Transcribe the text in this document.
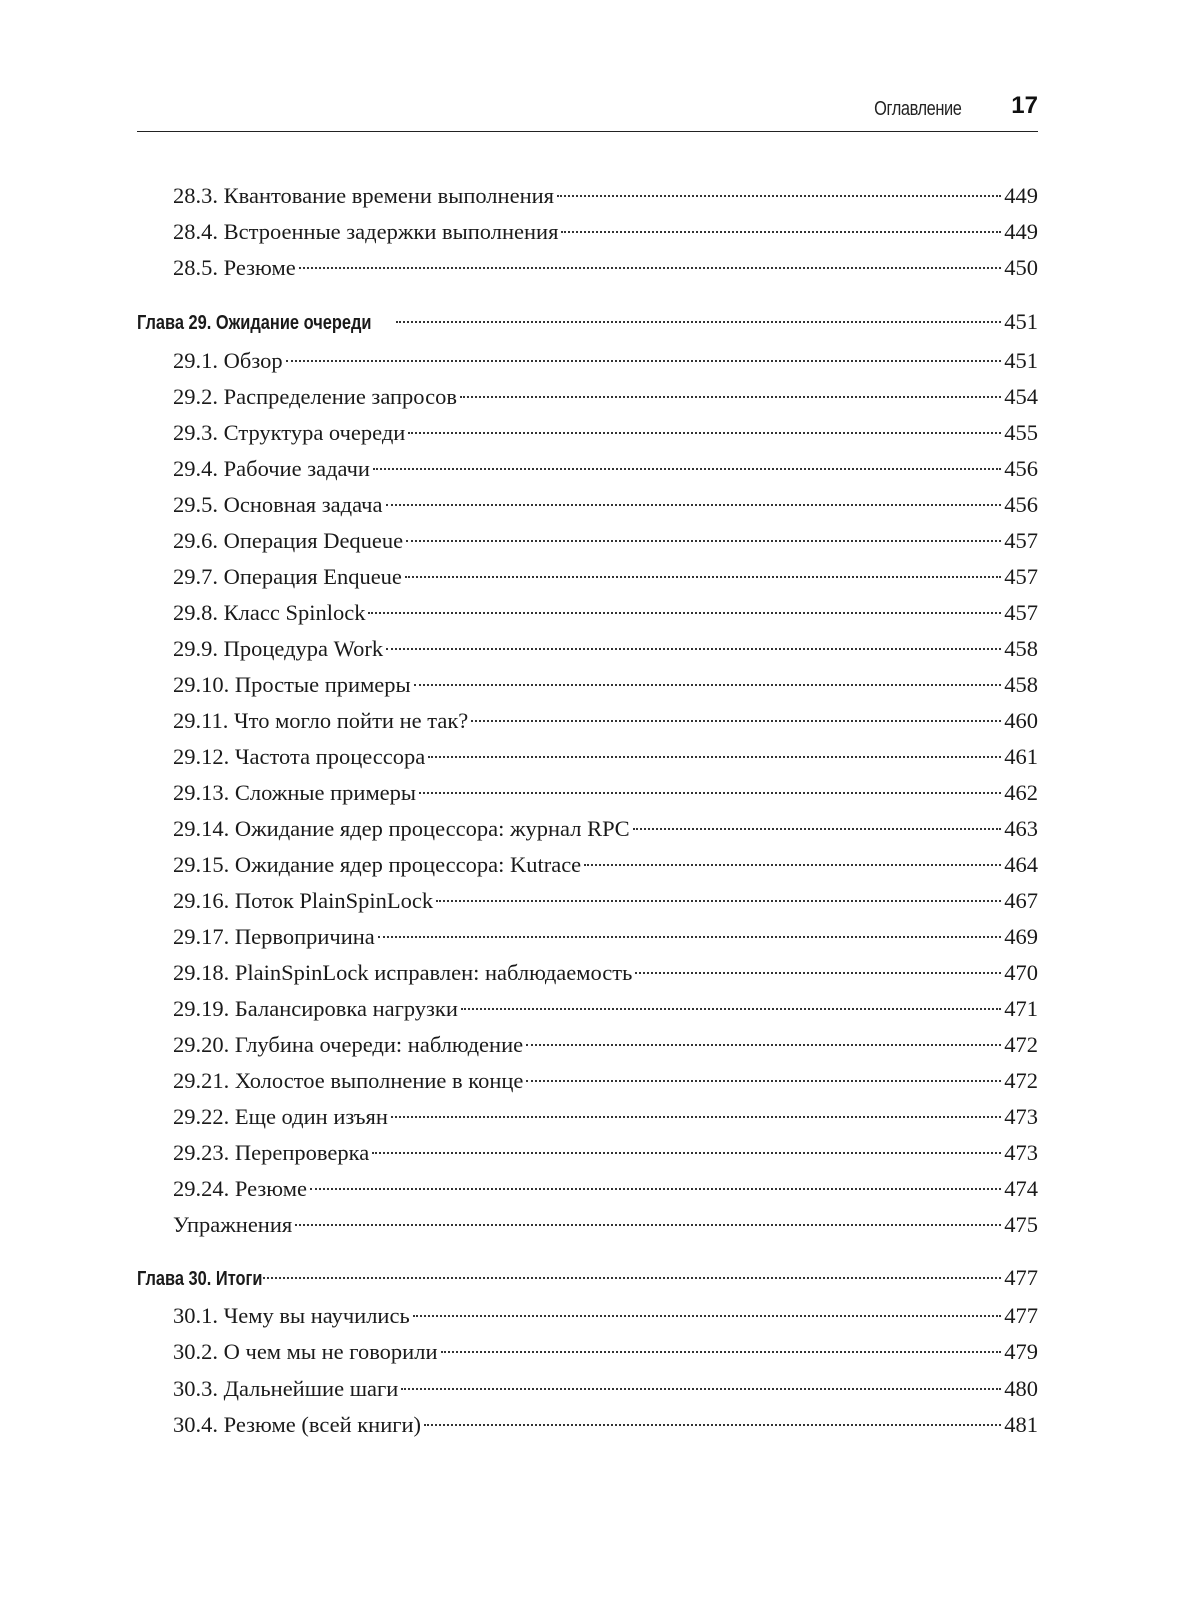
Оглавление 17
28.3. Квантование времени выполнения	449
28.4. Встроенные задержки выполнения	449
28.5. Резюме	450
Глава 29. Ожидание очереди	451
29.1. Обзор	451
29.2. Распределение запросов	454
29.3. Структура очереди	455
29.4. Рабочие задачи	456
29.5. Основная задача	456
29.6. Операция Dequeue	457
29.7. Операция Enqueue	457
29.8. Класс Spinlock	457
29.9. Процедура Work	458
29.10. Простые примеры	458
29.11. Что могло пойти не так?	460
29.12. Частота процессора	461
29.13. Сложные примеры	462
29.14. Ожидание ядер процессора: журнал RPC	463
29.15. Ожидание ядер процессора: Kutrace	464
29.16. Поток PlainSpinLock	467
29.17. Первопричина	469
29.18. PlainSpinLock исправлен: наблюдаемость	470
29.19. Балансировка нагрузки	471
29.20. Глубина очереди: наблюдение	472
29.21. Холостое выполнение в конце	472
29.22. Еще один изъян	473
29.23. Перепроверка	473
29.24. Резюме	474
Упражнения	475
Глава 30. Итоги	477
30.1. Чему вы научились	477
30.2. О чем мы не говорили	479
30.3. Дальнейшие шаги	480
30.4. Резюме (всей книги)	481
